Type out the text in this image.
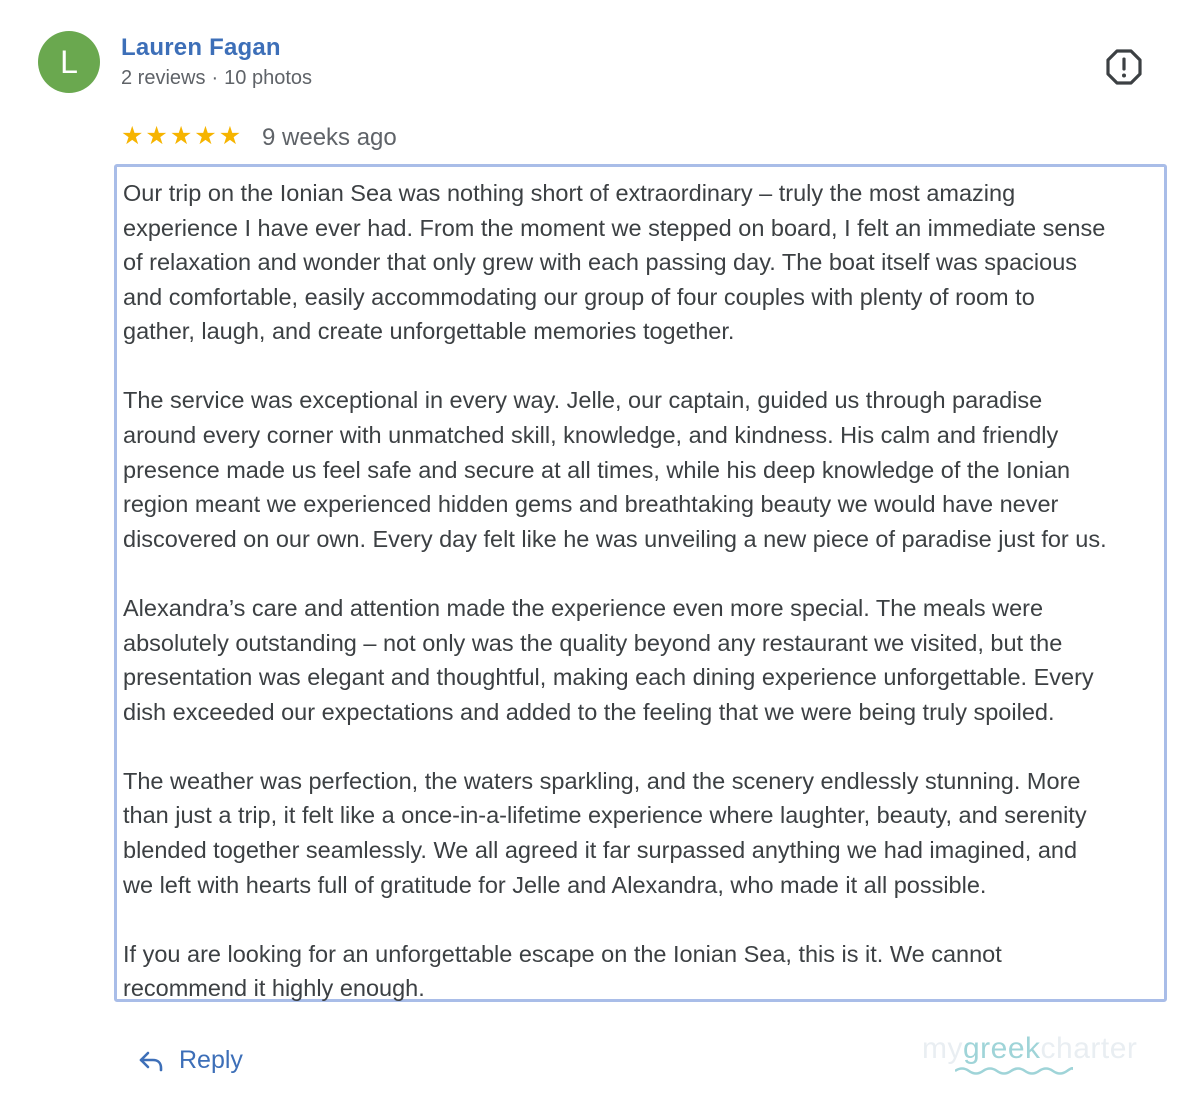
L	Lauren Fagan
2 reviews · 10 photos
★ ★ ★ ★ ★ 9 weeks ago

Our trip on the Ionian Sea was nothing short of extraordinary – truly the most amazing
experience I have ever had. From the moment we stepped on board, I felt an immediate sense
of relaxation and wonder that only grew with each passing day. The boat itself was spacious
and comfortable, easily accommodating our group of four couples with plenty of room to
gather, laugh, and create unforgettable memories together.

The service was exceptional in every way. Jelle, our captain, guided us through paradise
around every corner with unmatched skill, knowledge, and kindness. His calm and friendly
presence made us feel safe and secure at all times, while his deep knowledge of the Ionian
region meant we experienced hidden gems and breathtaking beauty we would have never
discovered on our own. Every day felt like he was unveiling a new piece of paradise just for us.

Alexandra’s care and attention made the experience even more special. The meals were
absolutely outstanding – not only was the quality beyond any restaurant we visited, but the
presentation was elegant and thoughtful, making each dining experience unforgettable. Every
dish exceeded our expectations and added to the feeling that we were being truly spoiled.

The weather was perfection, the waters sparkling, and the scenery endlessly stunning. More
than just a trip, it felt like a once-in-a-lifetime experience where laughter, beauty, and serenity
blended together seamlessly. We all agreed it far surpassed anything we had imagined, and
we left with hearts full of gratitude for Jelle and Alexandra, who made it all possible.

If you are looking for an unforgettable escape on the Ionian Sea, this is it. We cannot
recommend it highly enough.

Reply	mygreekcharter
